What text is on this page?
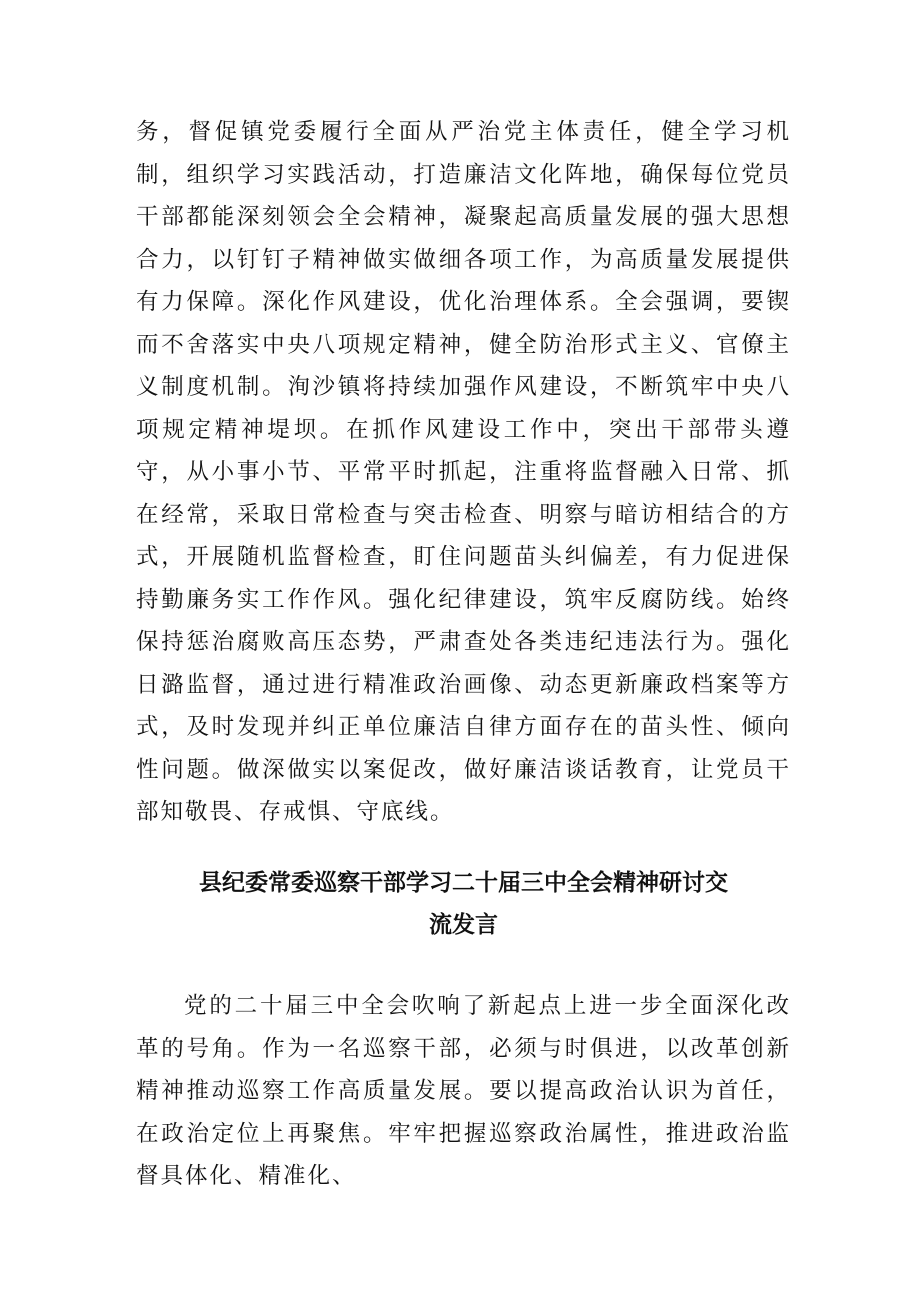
务，督促镇党委履行全面从严治党主体责任，健全学习机制，组织学习实践活动，打造廉洁文化阵地，确保每位党员干部都能深刻领会全会精神，凝聚起高质量发展的强大思想合力，以钉钉子精神做实做细各项工作，为高质量发展提供有力保障。深化作风建设，优化治理体系。全会强调，要锲而不舍落实中央八项规定精神，健全防治形式主义、官僚主义制度机制。洵沙镇将持续加强作风建设，不断筑牢中央八项规定精神堤坝。在抓作风建设工作中，突出干部带头遵守，从小事小节、平常平时抓起，注重将监督融入日常、抓在经常，采取日常检查与突击检查、明察与暗访相结合的方式，开展随机监督检查，盯住问题苗头纠偏差，有力促进保持勤廉务实工作作风。强化纪律建设，筑牢反腐防线。始终保持惩治腐败高压态势，严肃查处各类违纪违法行为。强化日潞监督，通过进行精准政治画像、动态更新廉政档案等方式，及时发现并纠正单位廉洁自律方面存在的苗头性、倾向性问题。做深做实以案促改，做好廉洁谈话教育，让党员干部知敬畏、存戒惧、守底线。

县纪委常委巡察干部学习二十届三中全会精神研讨交
流发言

党的二十届三中全会吹响了新起点上进一步全面深化改革的号角。作为一名巡察干部，必须与时俱进，以改革创新精神推动巡察工作高质量发展。要以提高政治认识为首任，在政治定位上再聚焦。牢牢把握巡察政治属性，推进政治监督具体化、精准化、
